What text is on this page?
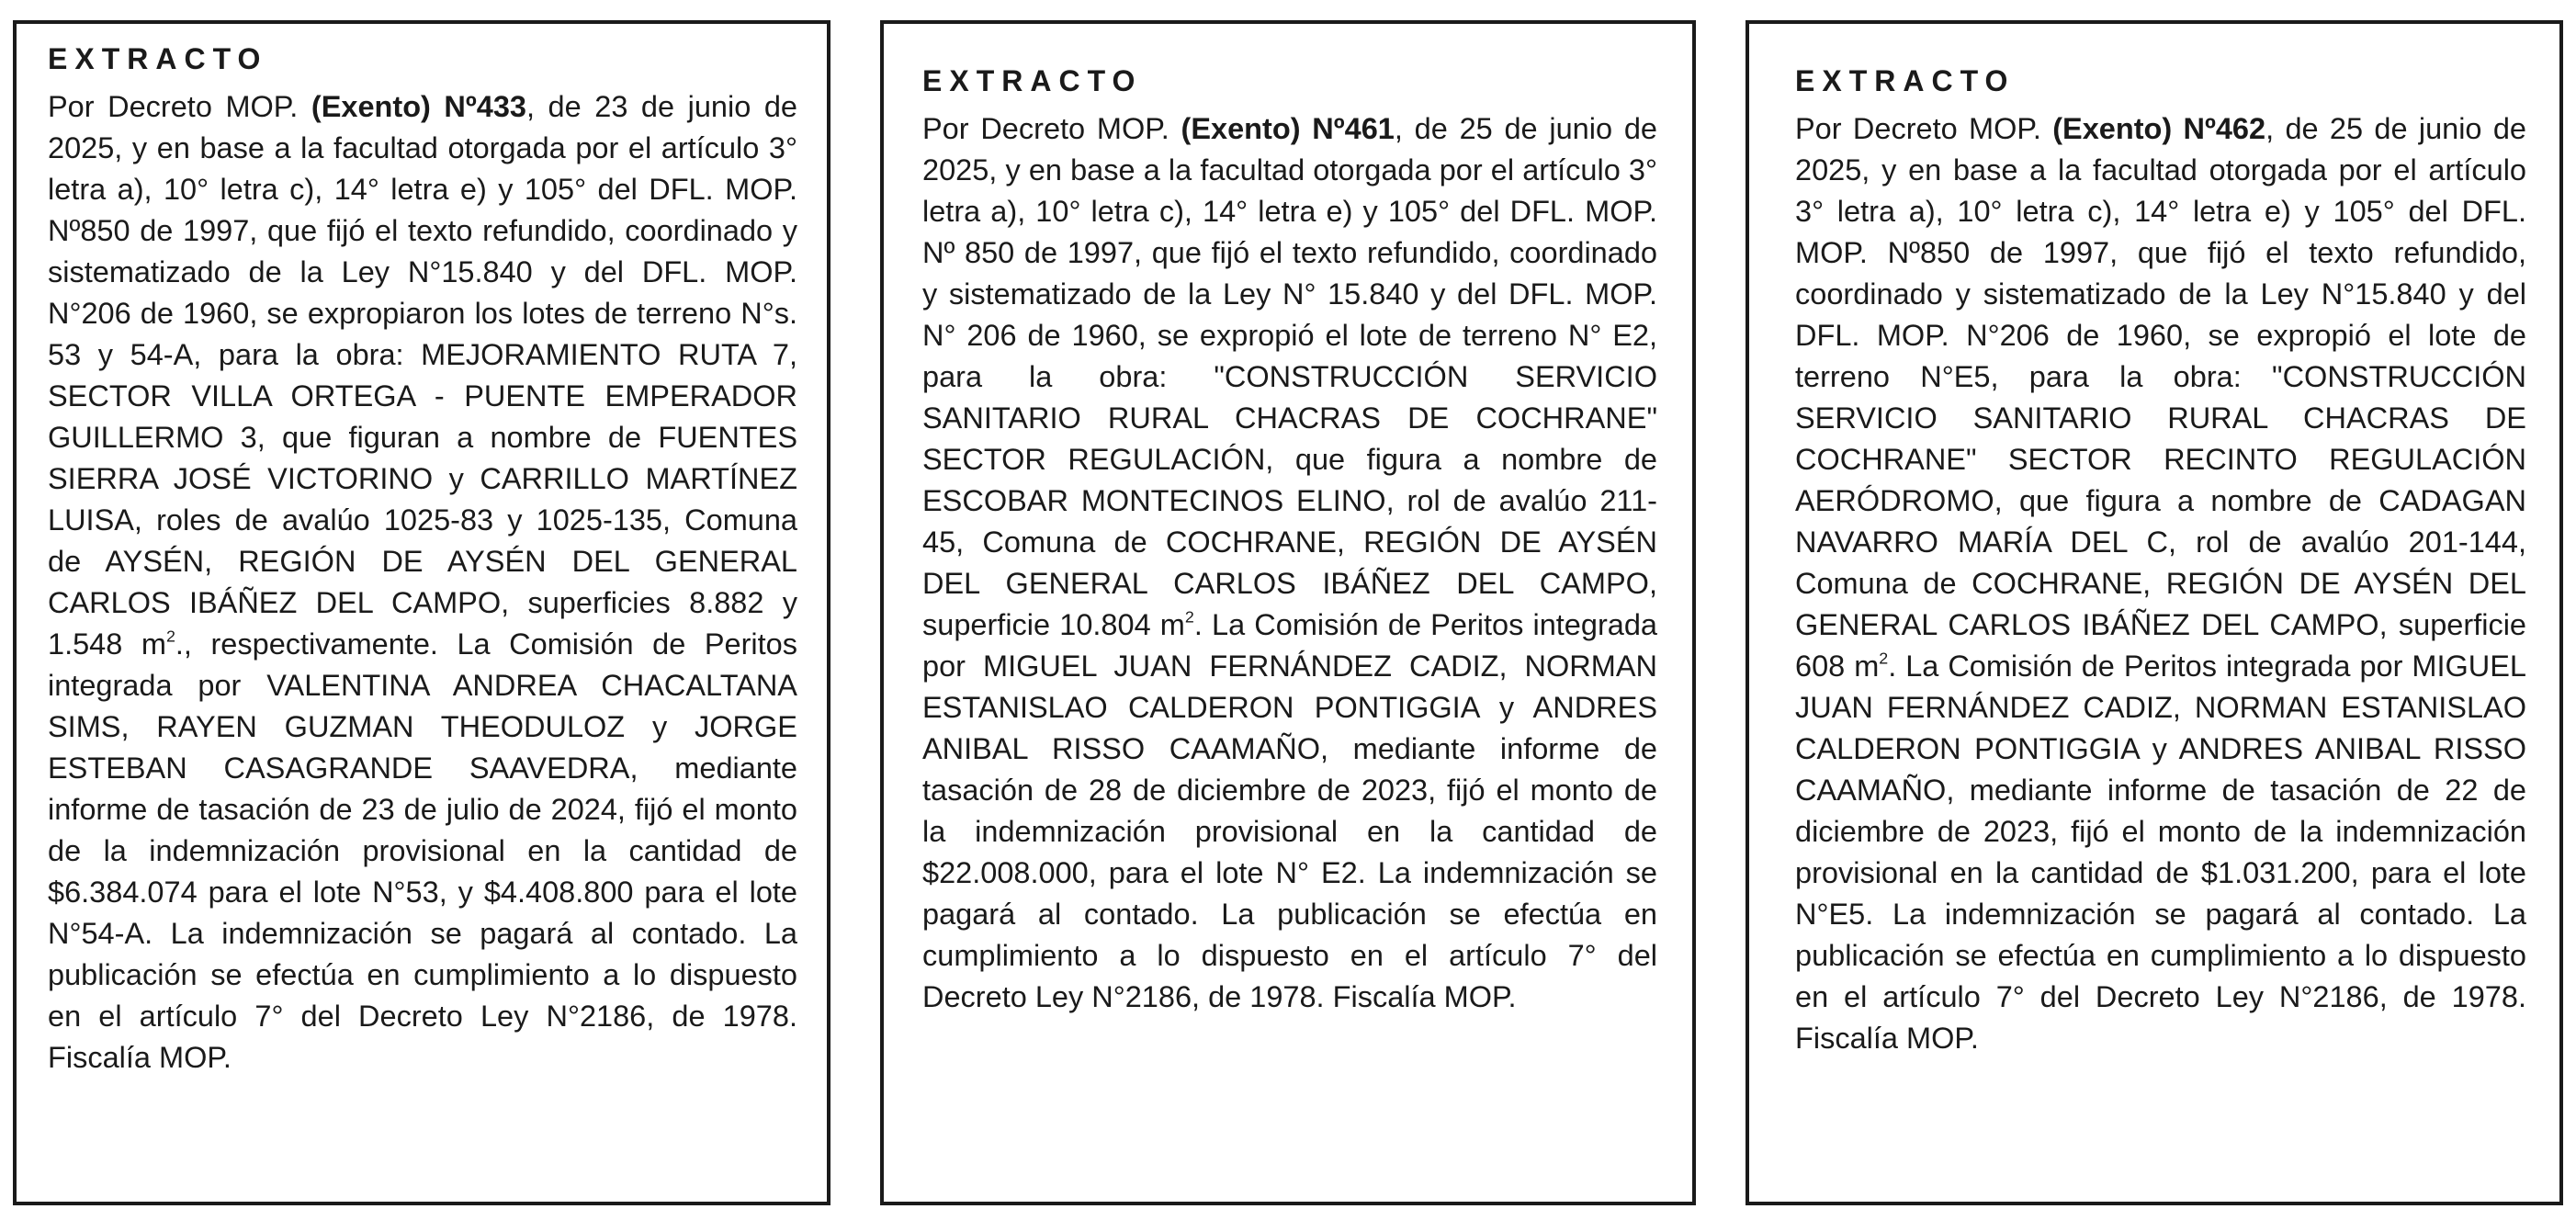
EXTRACTO

Por Decreto MOP. (Exento) Nº433, de 23 de junio de 2025, y en base a la facultad otorgada por el artículo 3° letra a), 10° letra c), 14° letra e) y 105° del DFL. MOP. Nº850 de 1997, que fijó el texto refundido, coordinado y sistematizado de la Ley N°15.840 y del DFL. MOP. N°206 de 1960, se expropiaron los lotes de terreno N°s. 53 y 54-A, para la obra: MEJORAMIENTO RUTA 7, SECTOR VILLA ORTEGA - PUENTE EMPERADOR GUILLERMO 3, que figuran a nombre de FUENTES SIERRA JOSÉ VICTORINO y CARRILLO MARTÍNEZ LUISA, roles de avalúo 1025-83 y 1025-135, Comuna de AYSÉN, REGIÓN DE AYSÉN DEL GENERAL CARLOS IBÁÑEZ DEL CAMPO, superficies 8.882 y 1.548 $m^2$., respectivamente. La Comisión de Peritos integrada por VALENTINA ANDREA CHACALTANA SIMS, RAYEN GUZMAN THEODULOZ y JORGE ESTEBAN CASAGRANDE SAAVEDRA, mediante informe de tasación de 23 de julio de 2024, fijó el monto de la indemnización provisional en la cantidad de $6.384.074 para el lote N°53, y $4.408.800 para el lote N°54-A. La indemnización se pagará al contado. La publicación se efectúa en cumplimiento a lo dispuesto en el artículo 7° del Decreto Ley N°2186, de 1978. Fiscalía MOP.

EXTRACTO

Por Decreto MOP. (Exento) Nº461, de 25 de junio de 2025, y en base a la facultad otorgada por el artículo 3° letra a), 10° letra c), 14° letra e) y 105° del DFL. MOP. Nº 850 de 1997, que fijó el texto refundido, coordinado y sistematizado de la Ley N° 15.840 y del DFL. MOP. N° 206 de 1960, se expropió el lote de terreno N° E2, para la obra: "CONSTRUCCIÓN SERVICIO SANITARIO RURAL CHACRAS DE COCHRANE" SECTOR REGULACIÓN, que figura a nombre de ESCOBAR MONTECINOS ELINO, rol de avalúo 211-45, Comuna de COCHRANE, REGIÓN DE AYSÉN DEL GENERAL CARLOS IBÁÑEZ DEL CAMPO, superficie 10.804 $m^2$. La Comisión de Peritos integrada por MIGUEL JUAN FERNÁNDEZ CADIZ, NORMAN ESTANISLAO CALDERON PONTIGGIA y ANDRES ANIBAL RISSO CAAMAÑO, mediante informe de tasación de 28 de diciembre de 2023, fijó el monto de la indemnización provisional en la cantidad de $22.008.000, para el lote N° E2. La indemnización se pagará al contado. La publicación se efectúa en cumplimiento a lo dispuesto en el artículo 7° del Decreto Ley N°2186, de 1978. Fiscalía MOP.

EXTRACTO

Por Decreto MOP. (Exento) Nº462, de 25 de junio de 2025, y en base a la facultad otorgada por el artículo 3° letra a), 10° letra c), 14° letra e) y 105° del DFL. MOP. Nº850 de 1997, que fijó el texto refundido, coordinado y sistematizado de la Ley N°15.840 y del DFL. MOP. N°206 de 1960, se expropió el lote de terreno N°E5, para la obra: "CONSTRUCCIÓN SERVICIO SANITARIO RURAL CHACRAS DE COCHRANE" SECTOR RECINTO REGULACIÓN AERÓDROMO, que figura a nombre de CADAGAN NAVARRO MARÍA DEL C, rol de avalúo 201-144, Comuna de COCHRANE, REGIÓN DE AYSÉN DEL GENERAL CARLOS IBÁÑEZ DEL CAMPO, superficie 608 $m^2$. La Comisión de Peritos integrada por MIGUEL JUAN FERNÁNDEZ CADIZ, NORMAN ESTANISLAO CALDERON PONTIGGIA y ANDRES ANIBAL RISSO CAAMAÑO, mediante informe de tasación de 22 de diciembre de 2023, fijó el monto de la indemnización provisional en la cantidad de $1.031.200, para el lote N°E5. La indemnización se pagará al contado. La publicación se efectúa en cumplimiento a lo dispuesto en el artículo 7° del Decreto Ley N°2186, de 1978. Fiscalía MOP.
